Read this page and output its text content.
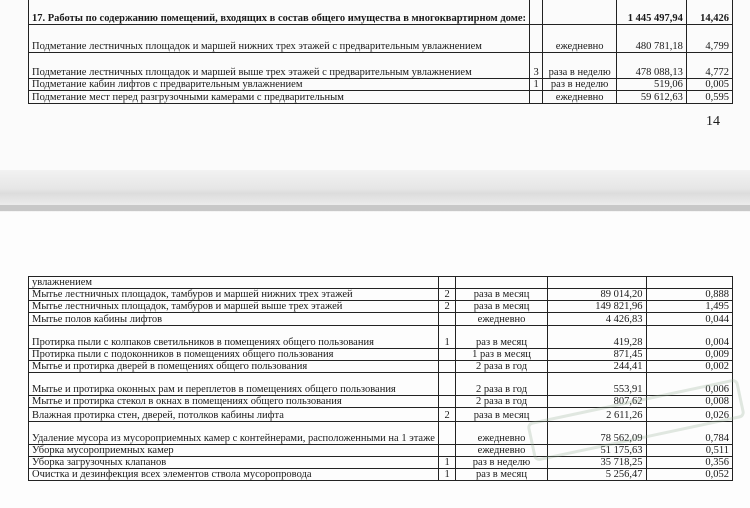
17. Работы по содержанию помещений, входящих в состав общего имущества в многоквартирном доме:			1 445 497,94	14,426
Подметание лестничных площадок и маршей нижних трех этажей с предварительным увлажнением		ежедневно	480 781,18	4,799
Подметание лестничных площадок и маршей выше трех этажей с предварительным увлажнением	3	раза в неделю	478 088,13	4,772
Подметание кабин лифтов с предварительным увлажнением	1	раз в неделю	519,06	0,005
Подметание мест перед разгрузочными камерами с предварительным		ежедневно	59 612,63	0,595
14
увлажнением				
Мытье лестничных площадок, тамбуров и маршей нижних трех этажей	2	раза в месяц	89 014,20	0,888
Мытье лестничных площадок, тамбуров и маршей выше трех этажей	2	раза в месяц	149 821,96	1,495
Мытье полов кабины лифтов		ежедневно	4 426,83	0,044
Протирка пыли с колпаков светильников в помещениях общего пользования	1	раз в месяц	419,28	0,004
Протирка пыли с подоконников в помещениях общего пользования		1 раз в месяц	871,45	0,009
Мытье и протирка дверей в помещениях общего пользования		2 раза в год	244,41	0,002
Мытье и протирка оконных рам и переплетов в помещениях общего пользования		2 раза в год	553,91	0,006
Мытье и протирка стекол в окнах в помещениях общего пользования		2 раза в год	807,62	0,008
Влажная протирка стен, дверей, потолков кабины лифта	2	раза в месяц	2 611,26	0,026
Удаление мусора из мусороприемных камер с контейнерами, расположенными на 1 этаже		ежедневно	78 562,09	0,784
Уборка мусороприемных камер		ежедневно	51 175,63	0,511
Уборка загрузочных клапанов	1	раз в неделю	35 718,25	0,356
Очистка и дезинфекция всех элементов ствола мусоропровода	1	раз в месяц	5 256,47	0,052
